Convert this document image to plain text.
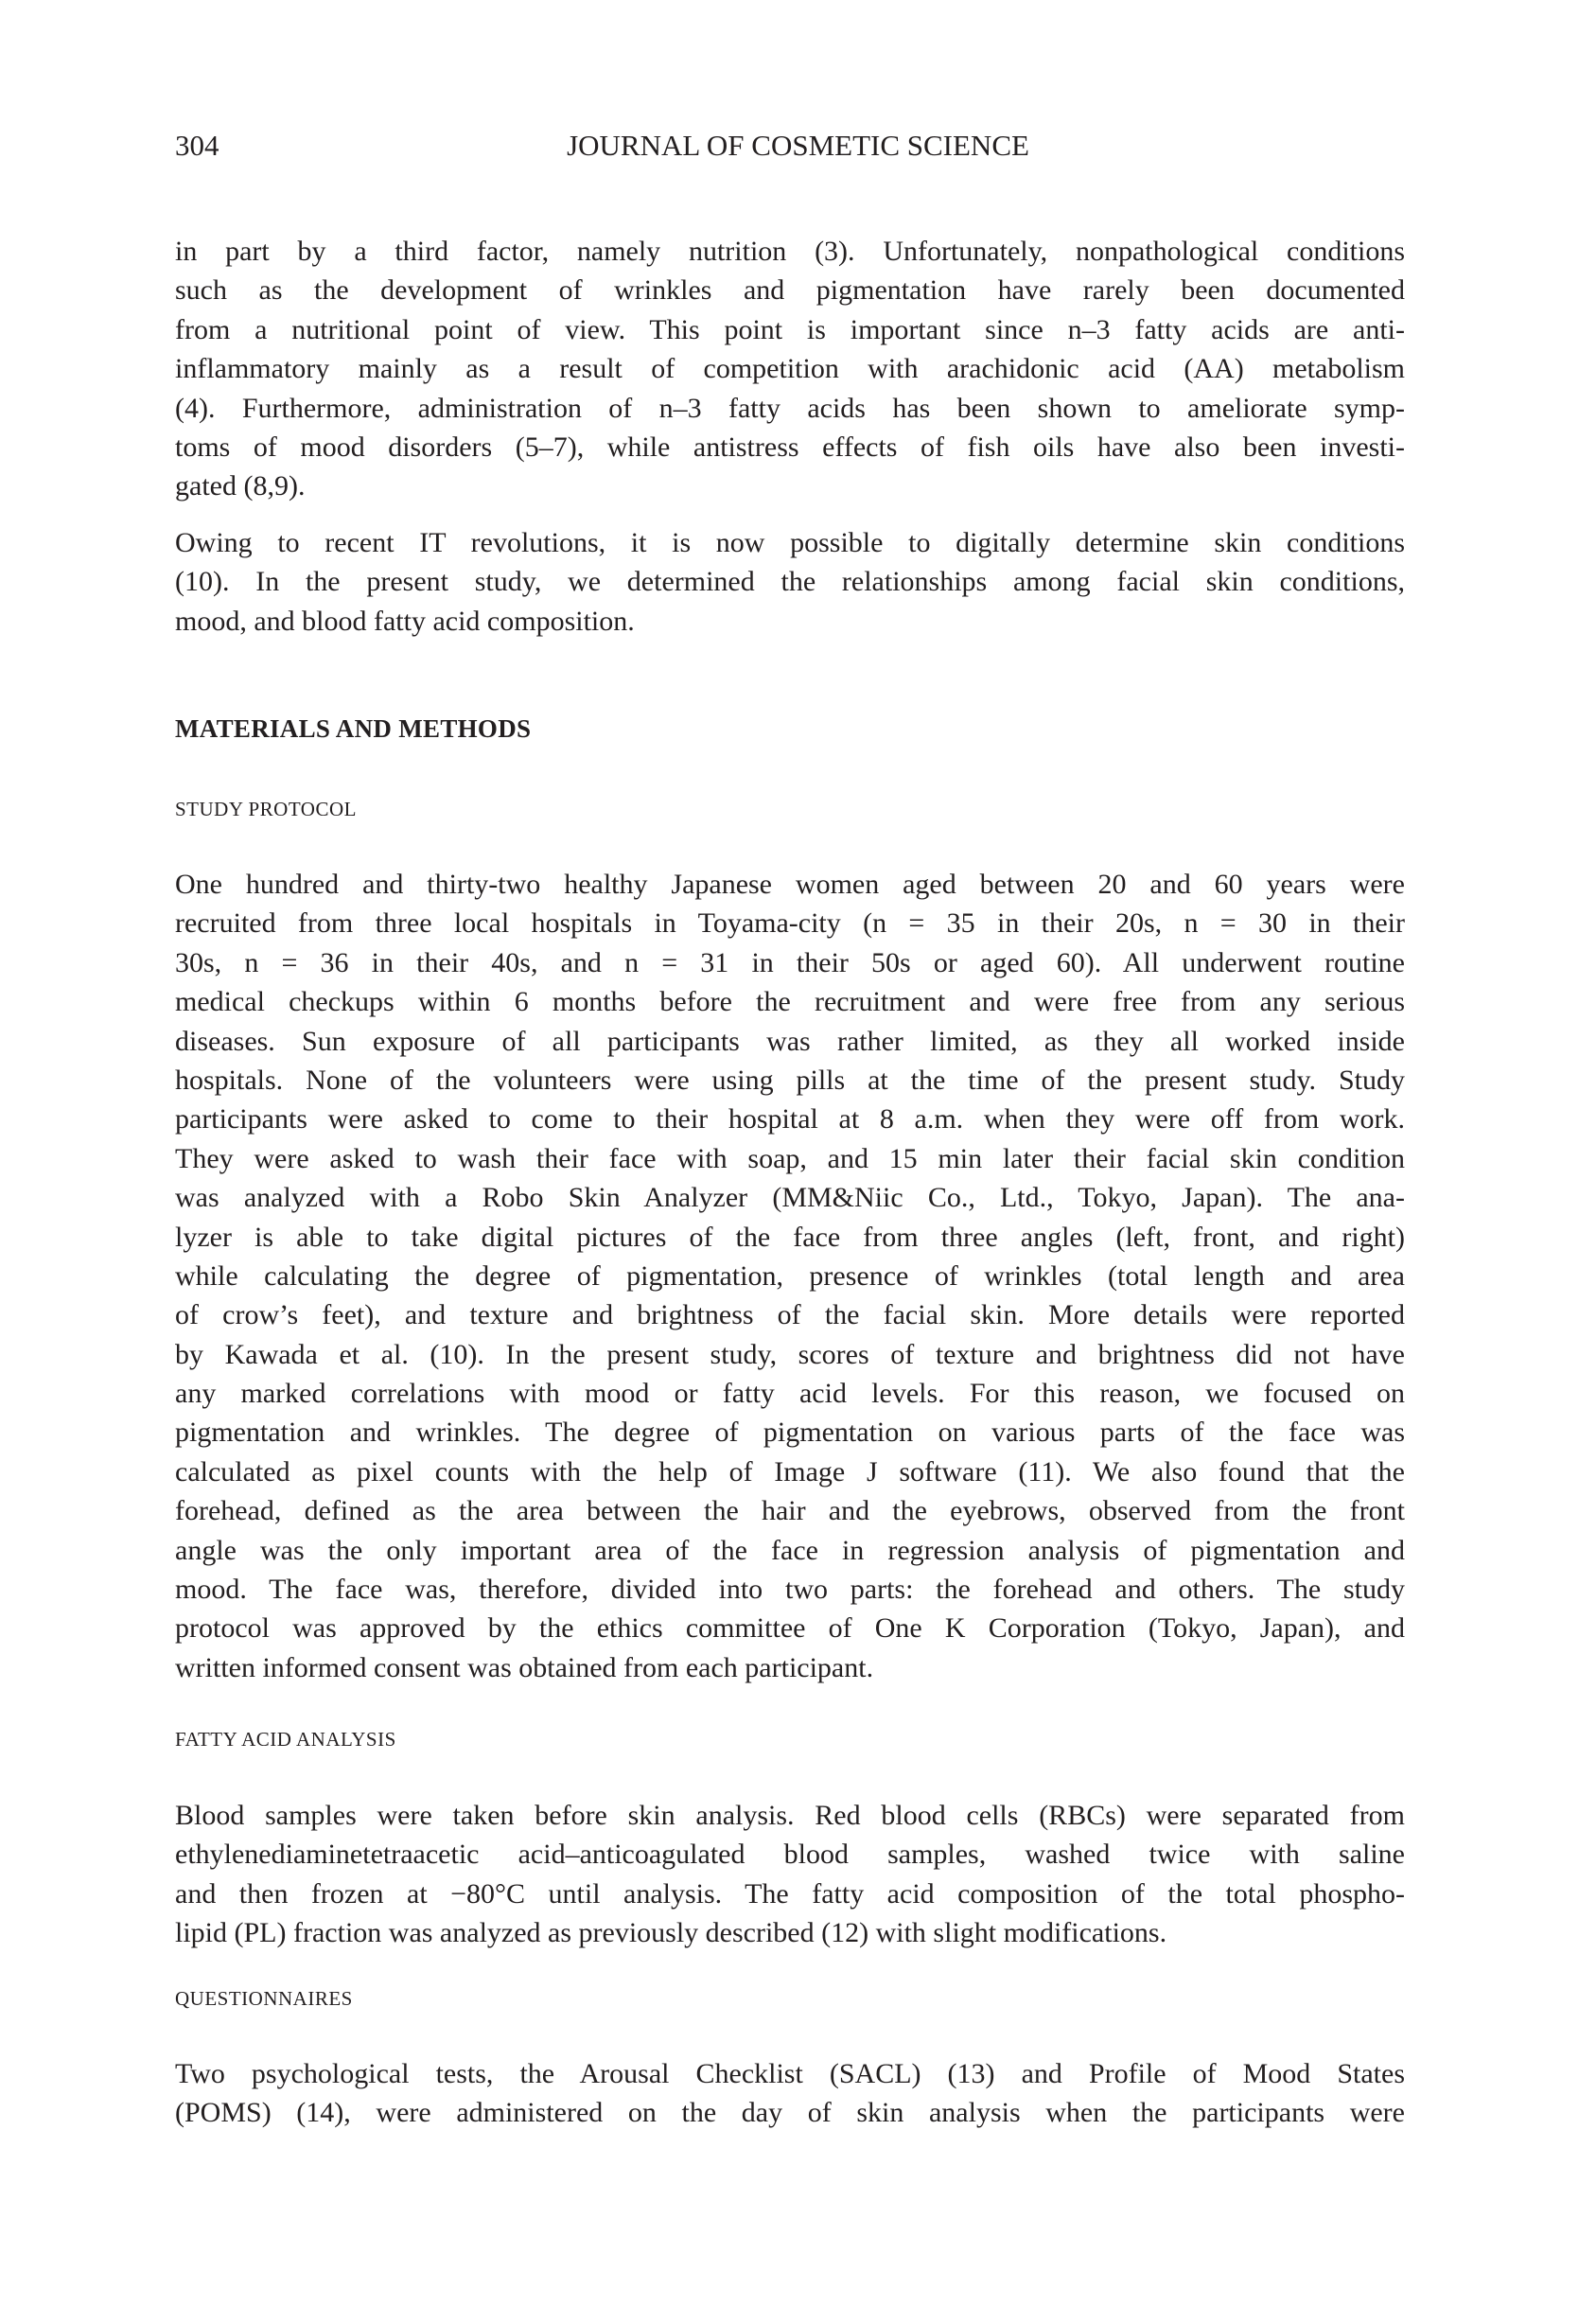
304	JOURNAL OF COSMETIC SCIENCE
in part by a third factor, namely nutrition (3). Unfortunately, nonpathological conditions
such as the development of wrinkles and pigmentation have rarely been documented
from a nutritional point of view. This point is important since n–3 fatty acids are anti-
inflammatory mainly as a result of competition with arachidonic acid (AA) metabolism
(4). Furthermore, administration of n–3 fatty acids has been shown to ameliorate symp-
toms of mood disorders (5–7), while antistress effects of fish oils have also been investi-
gated (8,9).
Owing to recent IT revolutions, it is now possible to digitally determine skin conditions
(10). In the present study, we determined the relationships among facial skin conditions,
mood, and blood fatty acid composition.
MATERIALS AND METHODS
STUDY PROTOCOL
One hundred and thirty-two healthy Japanese women aged between 20 and 60 years were
recruited from three local hospitals in Toyama-city (n = 35 in their 20s, n = 30 in their
30s, n = 36 in their 40s, and n = 31 in their 50s or aged 60). All underwent routine
medical checkups within 6 months before the recruitment and were free from any serious
diseases. Sun exposure of all participants was rather limited, as they all worked inside
hospitals. None of the volunteers were using pills at the time of the present study. Study
participants were asked to come to their hospital at 8 a.m. when they were off from work.
They were asked to wash their face with soap, and 15 min later their facial skin condition
was analyzed with a Robo Skin Analyzer (MM&Niic Co., Ltd., Tokyo, Japan). The ana-
lyzer is able to take digital pictures of the face from three angles (left, front, and right)
while calculating the degree of pigmentation, presence of wrinkles (total length and area
of crow’s feet), and texture and brightness of the facial skin. More details were reported
by Kawada et al. (10). In the present study, scores of texture and brightness did not have
any marked correlations with mood or fatty acid levels. For this reason, we focused on
pigmentation and wrinkles. The degree of pigmentation on various parts of the face was
calculated as pixel counts with the help of Image J software (11). We also found that the
forehead, defined as the area between the hair and the eyebrows, observed from the front
angle was the only important area of the face in regression analysis of pigmentation and
mood. The face was, therefore, divided into two parts: the forehead and others. The study
protocol was approved by the ethics committee of One K Corporation (Tokyo, Japan), and
written informed consent was obtained from each participant.
FATTY ACID ANALYSIS
Blood samples were taken before skin analysis. Red blood cells (RBCs) were separated from
ethylenediaminetetraacetic acid–anticoagulated blood samples, washed twice with saline
and then frozen at −80°C until analysis. The fatty acid composition of the total phospho-
lipid (PL) fraction was analyzed as previously described (12) with slight modifications.
QUESTIONNAIRES
Two psychological tests, the Arousal Checklist (SACL) (13) and Profile of Mood States
(POMS) (14), were administered on the day of skin analysis when the participants were
